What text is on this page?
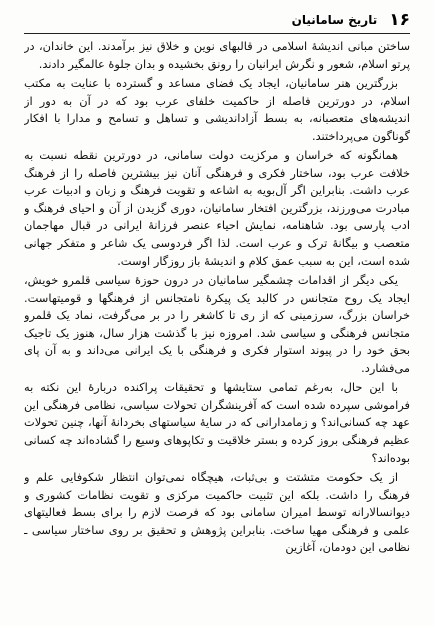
۱۶
تاریخ سامانیان

ساختن مبانی اندیشهٔ اسلامی در قالبهای نوین و خلاق نیز برآمدند. این خاندان، در پرتو اسلام، شعور و نگرش ایرانیان را رونق بخشیده و بدان جلوهٔ عالمگیر دادند.

بزرگترین هنر سامانیان، ایجاد یک فضای مساعد و گسترده با عنایت به مکتب اسلام، در دورترین فاصله از حاکمیت خلفای عرب بود که در آن به دور از اندیشه‌های متعصبانه، به بسط آزاداندیشی و تساهل و تسامح و مدارا با افکار گوناگون می‌پرداختند.

همانگونه که خراسان و مرکزیت دولت سامانی، در دورترین نقطه نسبت به خلافت عرب بود، ساختار فکری و فرهنگی آنان نیز بیشترین فاصله را از فرهنگ عرب داشت. بنابراین اگر آل‌بویه به اشاعه و تقویت فرهنگ و زبان و ادبیات عرب مبادرت می‌ورزند، بزرگترین افتخار سامانیان، دوری گزیدن از آن و احیای فرهنگ و ادب پارسی بود. شاهنامه، نمایش احیاء عنصر فرزانهٔ ایرانی در قبال مهاجمان متعصب و بیگانهٔ ترک و عرب است. لذا اگر فردوسی یک شاعر و متفکر جهانی شده است، این به سبب عمق کلام و اندیشهٔ باز روزگار اوست.

یکی دیگر از اقدامات چشمگیر سامانیان در درون حوزهٔ سیاسی قلمرو خویش، ایجاد یک روح متجانس در کالبد یک پیکرهٔ نامتجانس از فرهنگها و قومیتهاست. خراسان بزرگ، سرزمینی که از ری تا کاشغر را در بر می‌گرفت، نماد یک قلمرو متجانس فرهنگی و سیاسی شد. امروزه نیز با گذشت هزار سال، هنوز یک تاجیک بحق خود را در پیوند استوار فکری و فرهنگی با یک ایرانی می‌داند و به آن پای می‌فشارد.

با این حال، به‌رغم تمامی ستایشها و تحقیقات پراکنده دربارهٔ این نکته به فراموشی سپرده شده است که آفرینشگران تحولات سیاسی، نظامی فرهنگی این عهد چه کسانی‌اند؟ و زمامدارانی که در سایهٔ سیاستهای بخردانهٔ آنها، چنین تحولات عظیم فرهنگی بروز کرده و بستر خلاقیت و تکاپوهای وسیع را گشاده‌اند چه کسانی بوده‌اند؟

از یک حکومت متشتت و بی‌ثبات، هیچگاه نمی‌توان انتظار شکوفایی علم و فرهنگ را داشت. بلکه این تثبیت حاکمیت مرکزی و تقویت نظامات کشوری و دیوانسالارانه توسط امیران سامانی بود که فرصت لازم را برای بسط فعالیتهای علمی و فرهنگی مهیا ساخت. بنابراین پژوهش و تحقیق بر روی ساختار سیاسی ـ نظامی این دودمان، آغازین
